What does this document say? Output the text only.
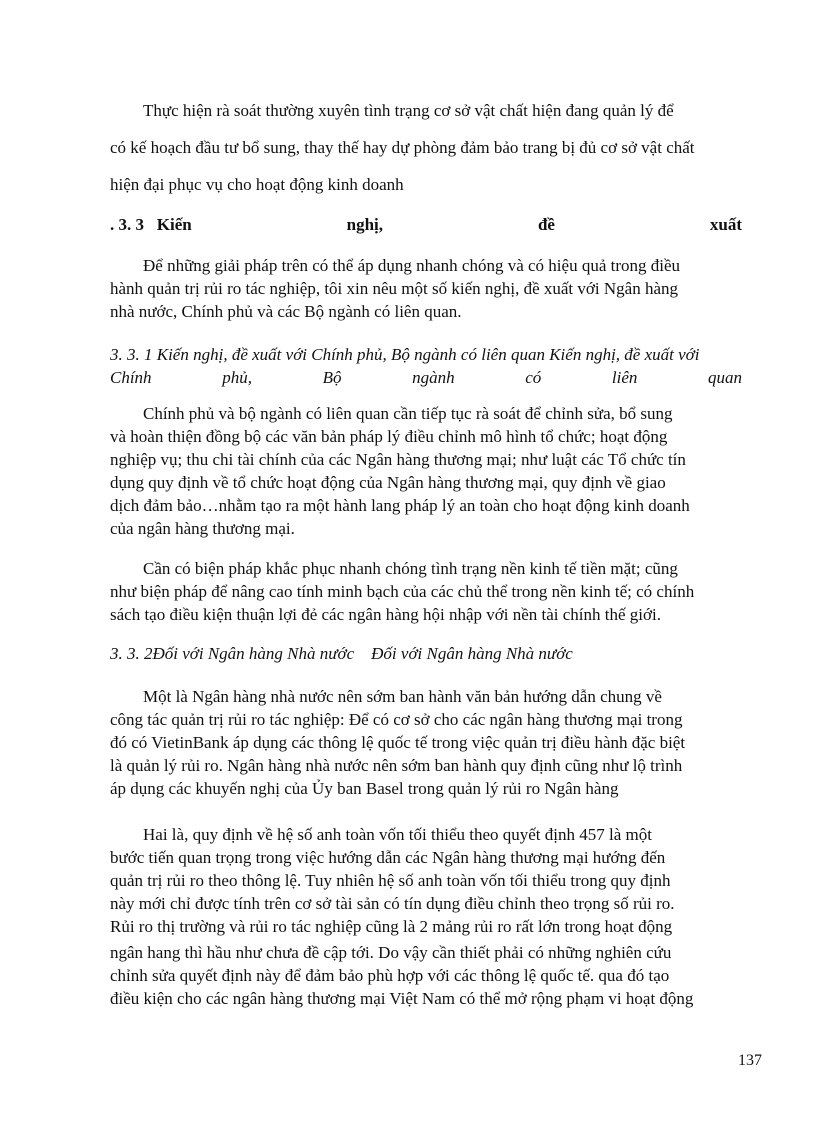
Thực hiện rà soát thường xuyên tình trạng cơ sở vật chất hiện đang quản lý để
có kế hoạch đầu tư bổ sung, thay thế hay dự phòng đảm bảo trang bị đủ cơ sở vật chất
hiện đại phục vụ cho hoạt động kinh doanh
. 3. 3 Kiến	nghị,	đề	xuất
Để những giải pháp trên có thể áp dụng nhanh chóng và có hiệu quả trong điều
hành quản trị rủi ro tác nghiệp, tôi xin nêu một số kiến nghị, đề xuất với Ngân hàng
nhà nước, Chính phủ và các Bộ ngành có liên quan.
3. 3. 1 Kiến nghị, đề xuất với Chính phủ, Bộ ngành có liên quan Kiến nghị, đề xuất với
Chính	phủ,	Bộ	ngành	có	liên	quan
Chính phủ và bộ ngành có liên quan cần tiếp tục rà soát để chỉnh sửa, bổ sung
và hoàn thiện đồng bộ các văn bản pháp lý điều chỉnh mô hình tổ chức; hoạt động
nghiệp vụ; thu chi tài chính của các Ngân hàng thương mại; như luật các Tổ chức tín
dụng quy định về tổ chức hoạt động của Ngân hàng thương mại, quy định về giao
dịch đảm bảo…nhằm tạo ra một hành lang pháp lý an toàn cho hoạt động kinh doanh
của ngân hàng thương mại.
Cần có biện pháp khắc phục nhanh chóng tình trạng nền kinh tế tiền mặt; cũng
như biện pháp để nâng cao tính minh bạch của các chủ thể trong nền kinh tế; có chính
sách tạo điều kiện thuận lợi đẻ các ngân hàng hội nhập với nền tài chính thế giới.
3. 3. 2Đối với Ngân hàng Nhà nước    Đối với Ngân hàng Nhà nước
Một là Ngân hàng nhà nước nên sớm ban hành văn bản hướng dẫn chung về
công tác quản trị rủi ro tác nghiệp: Để có cơ sở cho các ngân hàng thương mại trong
đó có VietinBank áp dụng các thông lệ quốc tế trong việc quản trị điều hành đặc biệt
là quản lý rủi ro. Ngân hàng nhà nước nên sớm ban hành quy định cũng như lộ trình
áp dụng các khuyến nghị của Ủy ban Basel trong quản lý rủi ro Ngân hàng
Hai là, quy định về hệ số anh toàn vốn tối thiểu theo quyết định 457 là một
bước tiến quan trọng trong việc hướng dẫn các Ngân hàng thương mại hướng đến
quản trị rủi ro theo thông lệ. Tuy nhiên hệ số anh toàn vốn tối thiểu trong quy định
này mới chỉ được tính trên cơ sở tài sản có tín dụng điều chỉnh theo trọng số rủi ro.
Rủi ro thị trường và rủi ro tác nghiệp cũng là 2 mảng rủi ro rất lớn trong hoạt động
ngân hang thì hầu như chưa đề cập tới. Do vậy cần thiết phải có những nghiên cứu
chỉnh sửa quyết định này để đảm bảo phù hợp với các thông lệ quốc tế. qua đó tạo
điều kiện cho các ngân hàng thương mại Việt Nam có thể mở rộng phạm vi hoạt động
137
